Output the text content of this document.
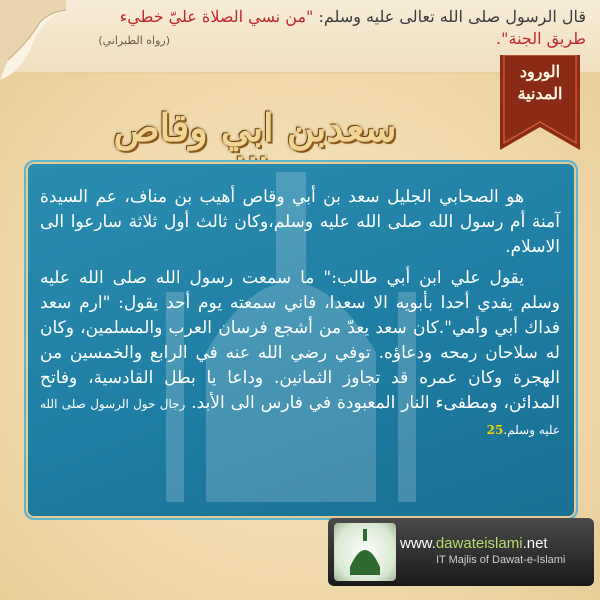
قال الرسول صلى الله تعالى عليه وسلم: "من نسي الصلاة عليّ خطيء طريق الجنة".
(رواه الطبراني)
الورود
المدنية
سعدبن ابي وقاص

هو الصحابي الجليل سعد بن أبي وقاص أهيب بن مناف، عم السيدة آمنة أم رسول الله صلى الله عليه وسلم،وكان ثالث أول ثلاثة سارعوا الى الاسلام.

يقول علي ابن أبي طالب:" ما سمعت رسول الله صلى الله عليه وسلم يفدي أحدا بأبويه الا سعدا، فاني سمعته يوم أحد يقول: "ارم سعد فداك أبي وأمي".كان سعد يعدّ من أشجع فرسان العرب والمسلمين، وكان له سلاحان رمحه ودعاؤه. توفي رضي الله عنه في الرابع والخمسين من الهجرة وكان عمره قد تجاوز الثمانين. وداعا يا بطل القادسية، وفاتح المدائن، ومطفىء النار المعبودة في فارس الى الأبد. رجال حول الرسول صلى الله عليه وسلم.25

www.dawateislami.net
IT Majlis of Dawat-e-Islami
